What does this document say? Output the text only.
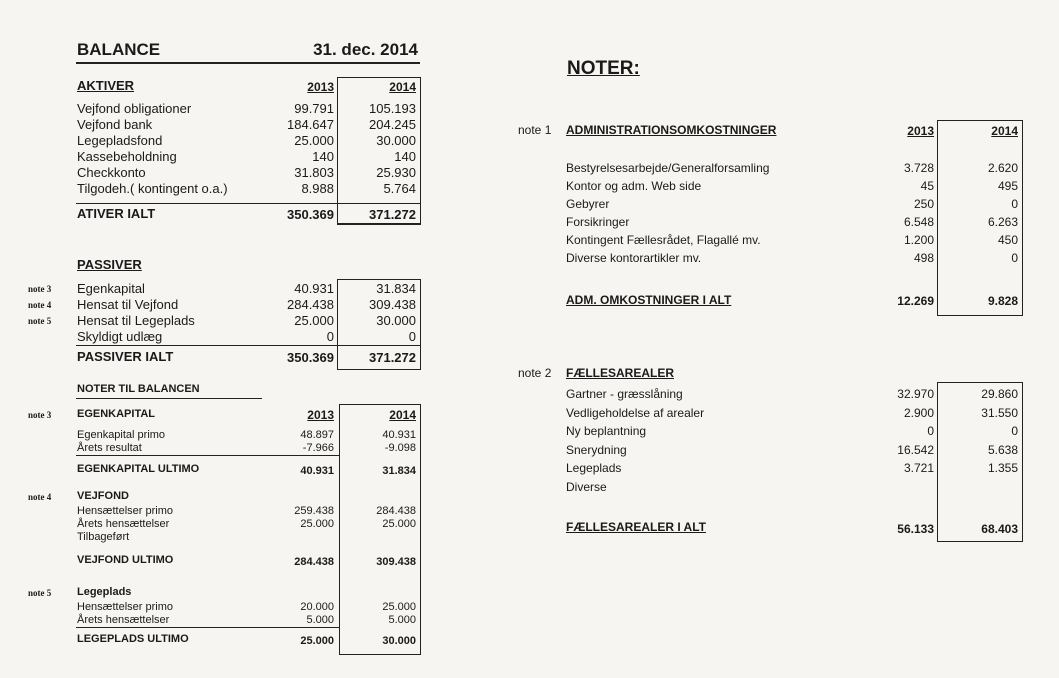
BALANCE	31. dec. 2014
AKTIVER	2013	2014
Vejfond obligationer	99.791	105.193
Vejfond bank	184.647	204.245
Legepladsfond	25.000	30.000
Kassebeholdning	140	140
Checkkonto	31.803	25.930
Tilgodeh.( kontingent o.a.)	8.988	5.764
ATIVER IALT	350.369	371.272
PASSIVER
note 3 Egenkapital	40.931	31.834
note 4 Hensat til Vejfond	284.438	309.438
note 5 Hensat til Legeplads	25.000	30.000
Skyldigt udlæg	0	0
PASSIVER IALT	350.369	371.272
NOTER TIL BALANCEN
note 3 EGENKAPITAL	2013	2014
Egenkapital primo	48.897	40.931
Årets resultat	-7.966	-9.098
EGENKAPITAL ULTIMO	40.931	31.834
note 4 VEJFOND
Hensættelser primo	259.438	284.438
Årets hensættelser	25.000	25.000
Tilbageført
VEJFOND ULTIMO	284.438	309.438
note 5 Legeplads
Hensættelser primo	20.000	25.000
Årets hensættelser	5.000	5.000
LEGEPLADS ULTIMO	25.000	30.000
NOTER:
note 1 ADMINISTRATIONSOMKOSTNINGER	2013	2014
Bestyrelsesarbejde/Generalforsamling	3.728	2.620
Kontor og adm. Web side	45	495
Gebyrer	250	0
Forsikringer	6.548	6.263
Kontingent Fællesrådet, Flagallé mv.	1.200	450
Diverse kontorartikler mv.	498	0
ADM. OMKOSTNINGER I ALT	12.269	9.828
note 2 FÆLLESAREALER
Gartner - græsslåning	32.970	29.860
Vedligeholdelse af arealer	2.900	31.550
Ny beplantning	0	0
Snerydning	16.542	5.638
Legeplads	3.721	1.355
Diverse
FÆLLESAREALER I ALT	56.133	68.403
